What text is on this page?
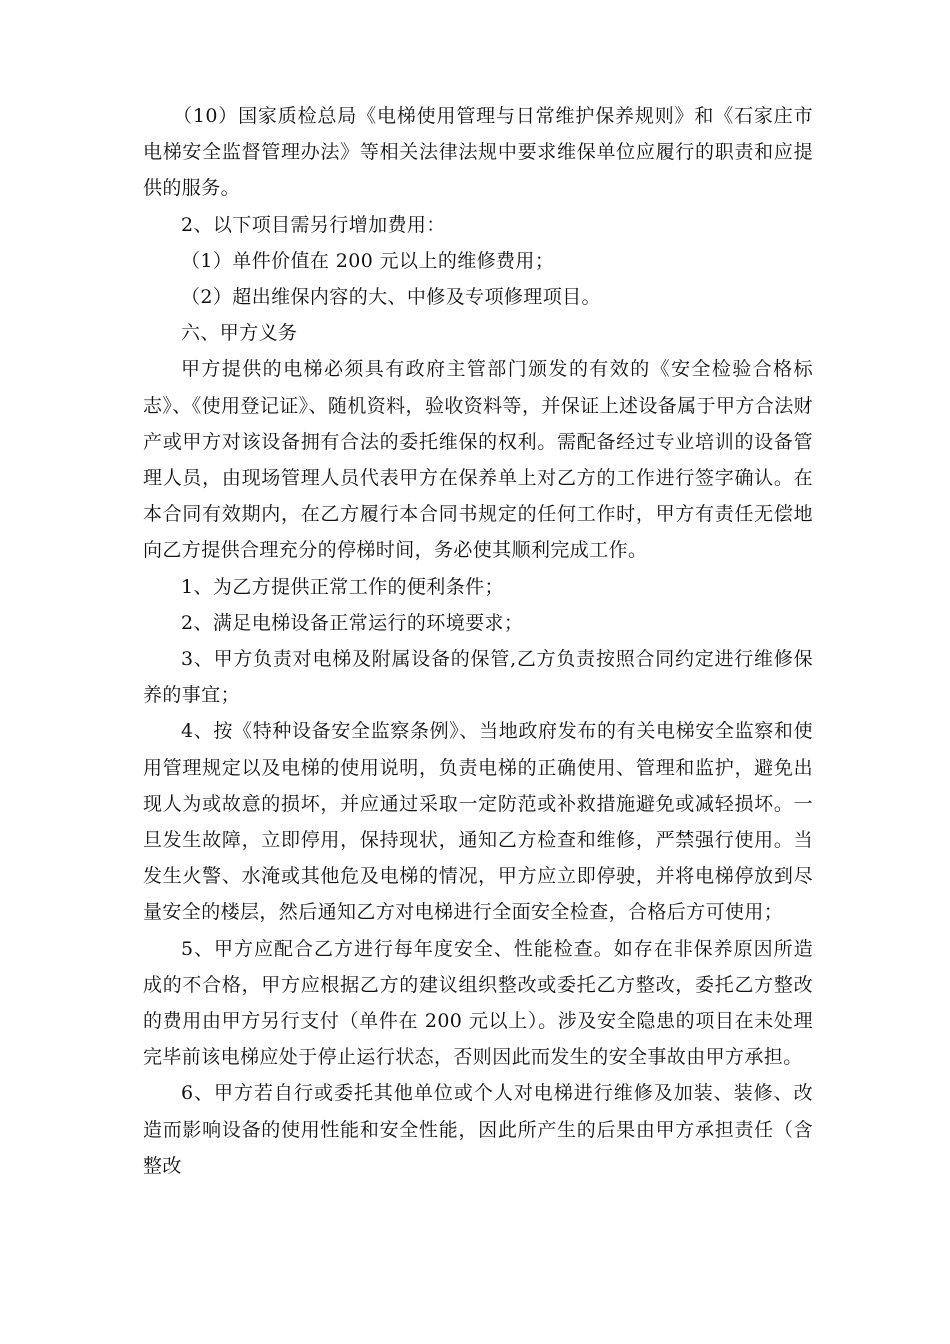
（10）国家质检总局《电梯使用管理与日常维护保养规则》和《石家庄市电梯安全监督管理办法》等相关法律法规中要求维保单位应履行的职责和应提供的服务。

2、以下项目需另行增加费用：

（1）单件价值在 200 元以上的维修费用；

（2）超出维保内容的大、中修及专项修理项目。

六、甲方义务

甲方提供的电梯必须具有政府主管部门颁发的有效的《安全检验合格标志》、《使用登记证》、随机资料，验收资料等，并保证上述设备属于甲方合法财产或甲方对该设备拥有合法的委托维保的权利。需配备经过专业培训的设备管理人员，由现场管理人员代表甲方在保养单上对乙方的工作进行签字确认。在本合同有效期内，在乙方履行本合同书规定的任何工作时，甲方有责任无偿地向乙方提供合理充分的停梯时间，务必使其顺利完成工作。

1、为乙方提供正常工作的便利条件；

2、满足电梯设备正常运行的环境要求；

3、甲方负责对电梯及附属设备的保管,乙方负责按照合同约定进行维修保养的事宜；

4、按《特种设备安全监察条例》、当地政府发布的有关电梯安全监察和使用管理规定以及电梯的使用说明，负责电梯的正确使用、管理和监护，避免出现人为或故意的损坏，并应通过采取一定防范或补救措施避免或减轻损坏。一旦发生故障，立即停用，保持现状，通知乙方检查和维修，严禁强行使用。当发生火警、水淹或其他危及电梯的情况，甲方应立即停驶，并将电梯停放到尽量安全的楼层，然后通知乙方对电梯进行全面安全检查，合格后方可使用；

5、甲方应配合乙方进行每年度安全、性能检查。如存在非保养原因所造成的不合格，甲方应根据乙方的建议组织整改或委托乙方整改，委托乙方整改的费用由甲方另行支付（单件在 200 元以上）。涉及安全隐患的项目在未处理完毕前该电梯应处于停止运行状态，否则因此而发生的安全事故由甲方承担。

6、甲方若自行或委托其他单位或个人对电梯进行维修及加装、装修、改造而影响设备的使用性能和安全性能，因此所产生的后果由甲方承担责任（含整改
